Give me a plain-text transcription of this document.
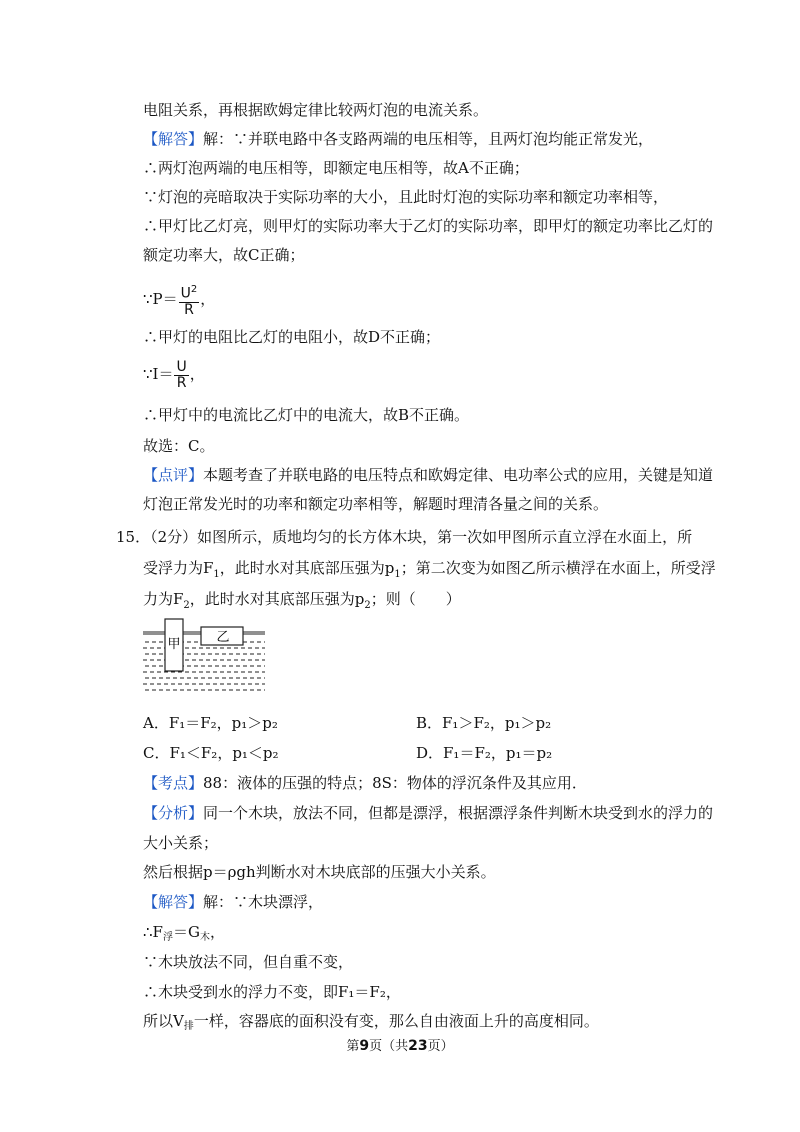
电阻关系，再根据欧姆定律比较两灯泡的电流关系。
【解答】解：∵并联电路中各支路两端的电压相等，且两灯泡均能正常发光，
∴两灯泡两端的电压相等，即额定电压相等，故A不正确；
∵灯泡的亮暗取决于实际功率的大小，且此时灯泡的实际功率和额定功率相等，
∴甲灯比乙灯亮，则甲灯的实际功率大于乙灯的实际功率，即甲灯的额定功率比乙灯的
额定功率大，故C正确；
∵P＝ $\frac{U^2}{R}$ ，
∴甲灯的电阻比乙灯的电阻小，故D不正确；
∵I＝ $\frac{U}{R}$ ，
∴甲灯中的电流比乙灯中的电流大，故B不正确。
故选：C。
【点评】本题考查了并联电路的电压特点和欧姆定律、电功率公式的应用，关键是知道
灯泡正常发光时的功率和额定功率相等，解题时理清各量之间的关系。
15．（2分）如图所示，质地均匀的长方体木块，第一次如甲图所示直立浮在水面上，所
受浮力为$F_1$，此时水对其底部压强为$p_1$；第二次变为如图乙所示横浮在水面上，所受浮
力为$F_2$，此时水对其底部压强为$p_2$；则（　　）
甲	乙
A．F₁＝F₂，p₁＞p₂	B．F₁＞F₂，p₁＞p₂
C．F₁＜F₂，p₁＜p₂	D．F₁＝F₂，p₁＝p₂
【考点】88：液体的压强的特点；8S：物体的浮沉条件及其应用．
【分析】同一个木块，放法不同，但都是漂浮，根据漂浮条件判断木块受到水的浮力的
大小关系；
然后根据p＝ρgh判断水对木块底部的压强大小关系。
【解答】解：∵木块漂浮，
$\therefore F_浮=G_木$，
∵木块放法不同，但自重不变，
∴木块受到水的浮力不变，即F₁＝F₂，
所以$V_排$一样，容器底的面积没有变，那么自由液面上升的高度相同。
第9页（共23页）
